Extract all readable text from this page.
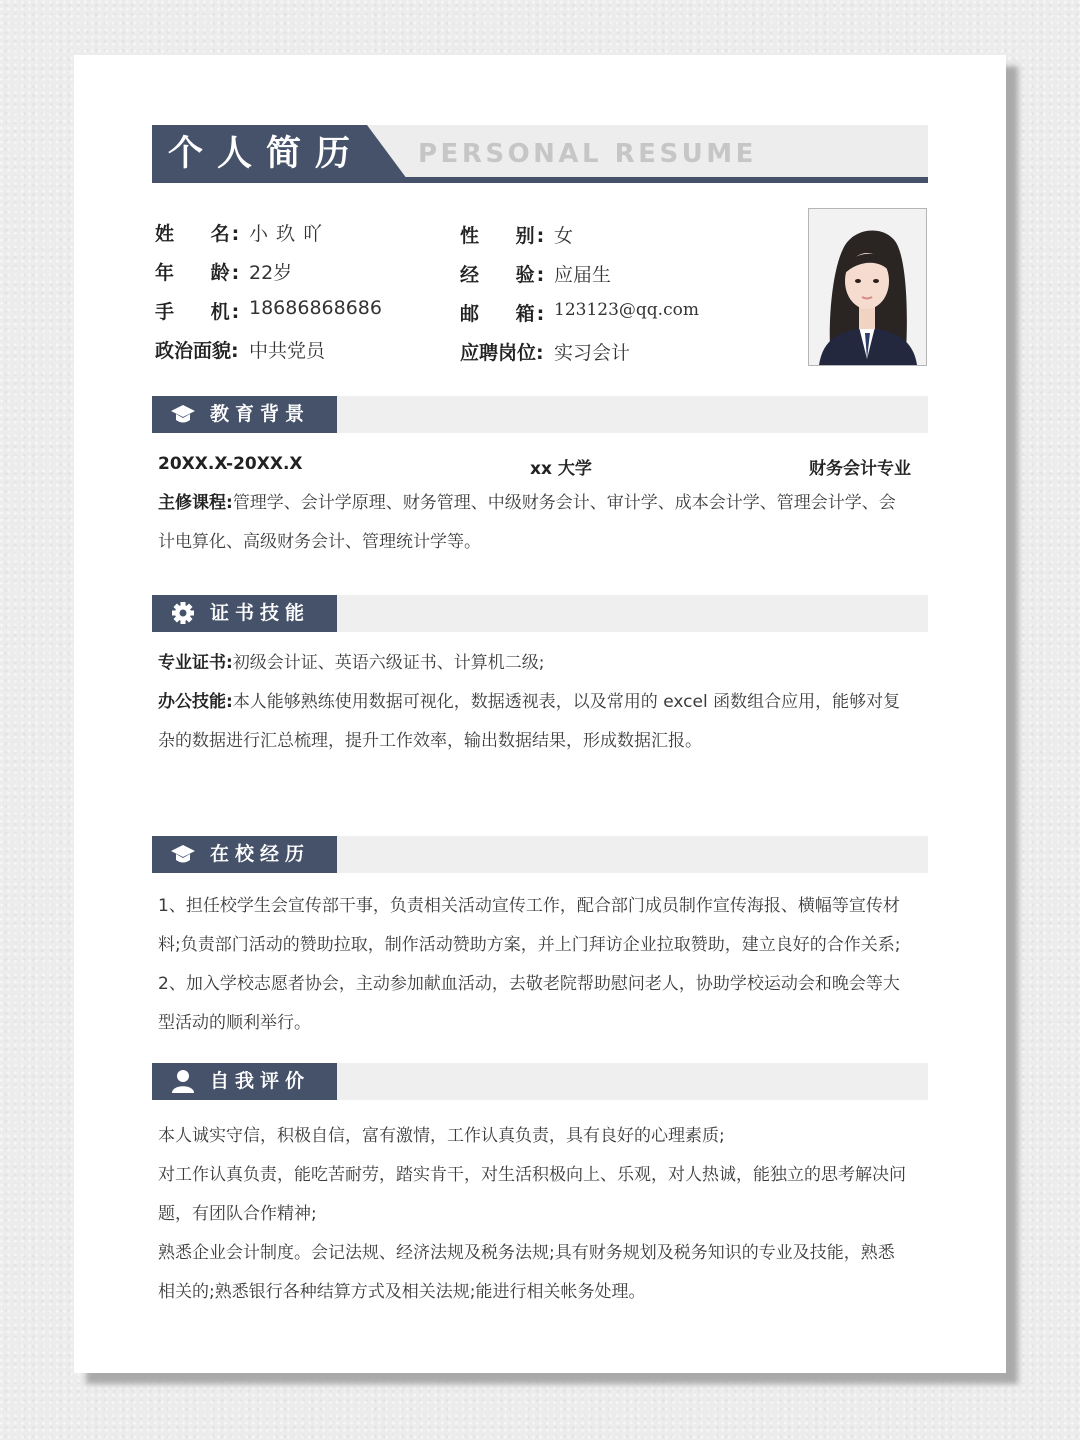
个人简历 PERSONAL RESUME
姓 名: 小玖吖	性 别: 女
年 龄: 22岁	经 验: 应届生
手 机: 18686868686	邮 箱: 123123@qq.com
政治面貌: 中共党员	应聘岗位: 实习会计
教育背景
20XX.X-20XX.X	xx 大学	财务会计专业
主修课程:管理学、会计学原理、财务管理、中级财务会计、审计学、成本会计学、管理会计学、会
计电算化、高级财务会计、管理统计学等。
证书技能
专业证书:初级会计证、英语六级证书、计算机二级;
办公技能:本人能够熟练使用数据可视化，数据透视表，以及常用的 excel 函数组合应用，能够对复
杂的数据进行汇总梳理，提升工作效率，输出数据结果，形成数据汇报。
在校经历
1、担任校学生会宣传部干事，负责相关活动宣传工作，配合部门成员制作宣传海报、横幅等宣传材
料;负责部门活动的赞助拉取，制作活动赞助方案，并上门拜访企业拉取赞助，建立良好的合作关系;
2、加入学校志愿者协会，主动参加献血活动，去敬老院帮助慰问老人，协助学校运动会和晚会等大
型活动的顺利举行。
自我评价
本人诚实守信，积极自信，富有激情，工作认真负责，具有良好的心理素质;
对工作认真负责，能吃苦耐劳，踏实肯干，对生活积极向上、乐观，对人热诚，能独立的思考解决问
题，有团队合作精神;
熟悉企业会计制度。会记法规、经济法规及税务法规;具有财务规划及税务知识的专业及技能，熟悉
相关的;熟悉银行各种结算方式及相关法规;能进行相关帐务处理。
